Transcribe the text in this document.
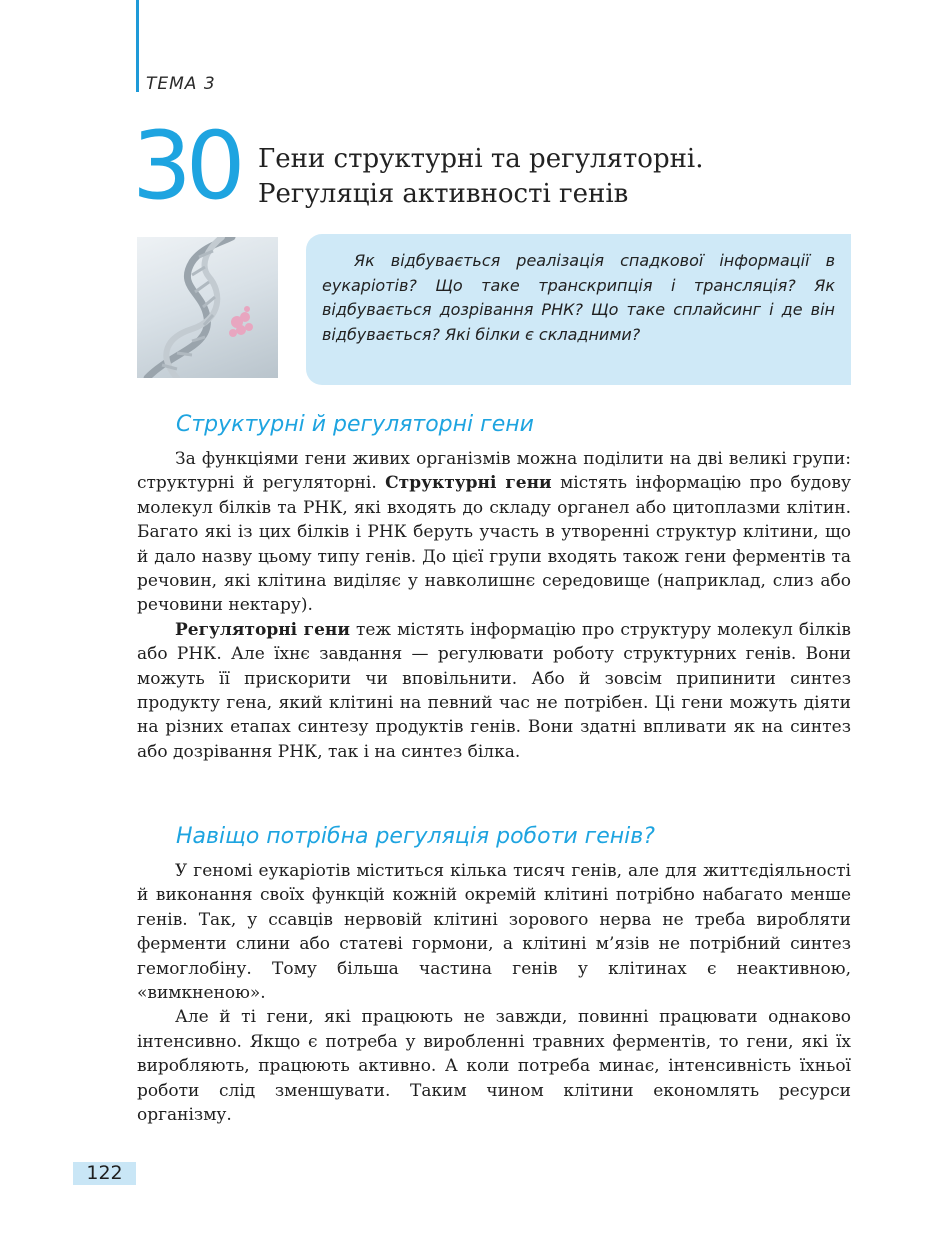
ТЕМА 3
30 Гени структурні та регуляторні.
Регуляція активності генів

Як відбувається реалізація спадкової інформації в еукаріотів? Що таке транскрипція і трансляція? Як відбувається дозрівання РНК? Що таке сплайсинг і де він відбувається? Які білки є складними?

Структурні й регуляторні гени

За функціями гени живих організмів можна поділити на дві великі групи: структурні й регуляторні. Структурні гени містять інформацію про будову молекул білків та РНК, які входять до складу органел або цитоплазми клітин. Багато які із цих білків і РНК беруть участь в утворенні структур клітини, що й дало назву цьому типу генів. До цієї групи входять також гени ферментів та речовин, які клітина виділяє у навколишнє середовище (наприклад, слиз або речовини нектару).

Регуляторні гени теж містять інформацію про структуру молекул білків або РНК. Але їхнє завдання — регулювати роботу структурних генів. Вони можуть її прискорити чи вповільнити. Або й зовсім припинити синтез продукту гена, який клітині на певний час не потрібен. Ці гени можуть діяти на різних етапах синтезу продуктів генів. Вони здатні впливати як на синтез або дозрівання РНК, так і на синтез білка.

Навіщо потрібна регуляція роботи генів?

У геномі еукаріотів міститься кілька тисяч генів, але для життєдіяльності й виконання своїх функцій кожній окремій клітині потрібно набагато менше генів. Так, у ссавців нервовій клітині зорового нерва не треба виробляти ферменти слини або статеві гормони, а клітині м’язів не потрібний синтез гемоглобіну. Тому більша частина генів у клітинах є неактивною, «вимкненою».

Але й ті гени, які працюють не завжди, повинні працювати однаково інтенсивно. Якщо є потреба у виробленні травних ферментів, то гени, які їх виробляють, працюють активно. А коли потреба минає, інтенсивність їхньої роботи слід зменшувати. Таким чином клітини економлять ресурси організму.

122
